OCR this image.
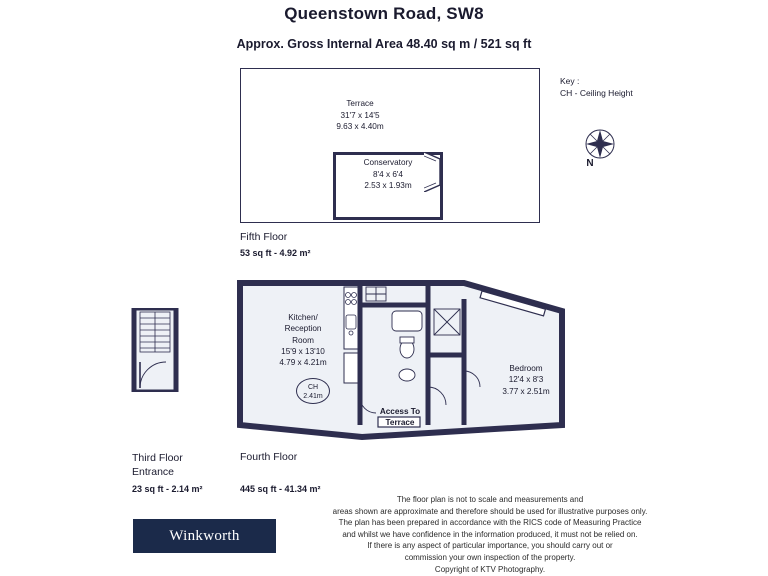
Queenstown Road, SW8
Approx. Gross Internal Area 48.40 sq m / 521 sq ft
Key :
CH - Ceiling Height
N
Terrace
31'7 x 14'5
9.63 x 4.40m
Conservatory
8'4 x 6'4
2.53 x 1.93m
Fifth Floor
53 sq ft - 4.92 m²
Third Floor
Entrance
23 sq ft - 2.14 m²
Kitchen/
Reception
Room
15'9 x 13'10
4.79 x 4.21m
CH
2.41m
Access To
Terrace
Bedroom
12'4 x 8'3
3.77 x 2.51m
Fourth Floor
445 sq ft - 41.34 m²
The floor plan is not to scale and measurements and
areas shown are approximate and therefore should be used for illustrative purposes only.
The plan has been prepared in accordance with the RICS code of Measuring Practice
and whilst we have confidence in the information produced, it must not be relied on.
If there is any aspect of particular importance, you should carry out or
commission your own inspection of the property.
Copyright of KTV Photography.
Winkworth
